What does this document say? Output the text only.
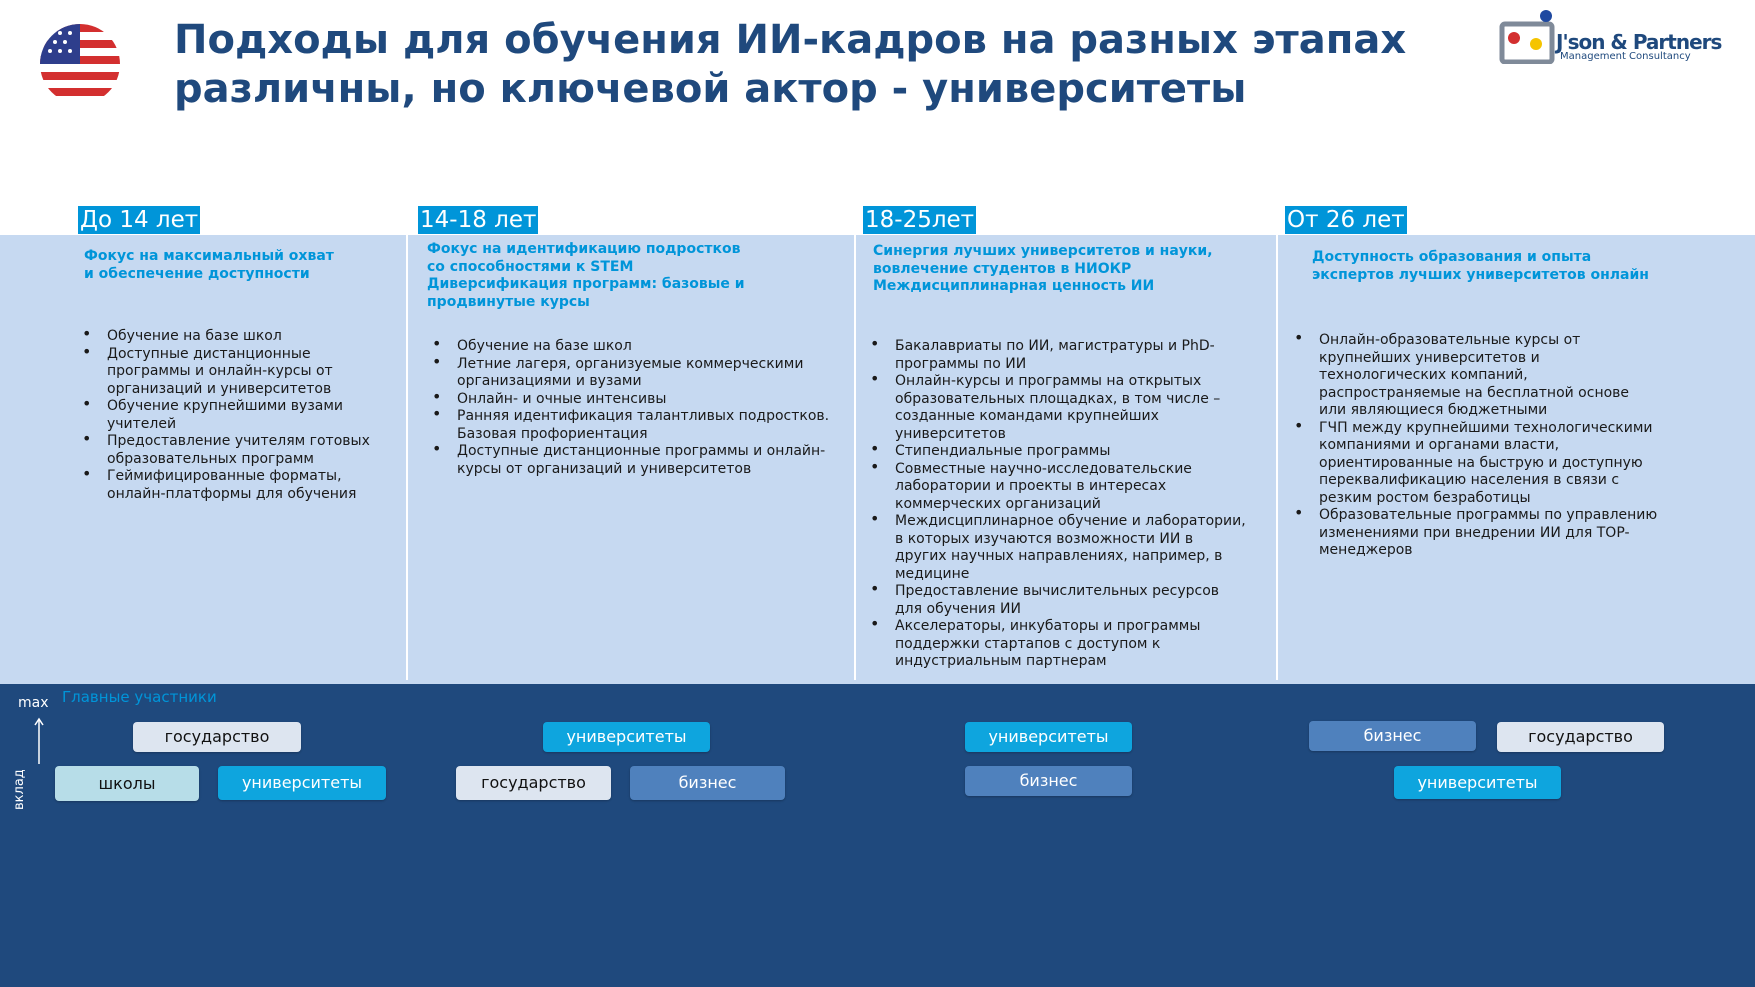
Подходы для обучения ИИ-кадров на разных этапах
различны, но ключевой актор - университеты
J'son & Partners
Management Consultancy
До 14 лет	14-18 лет	18-25лет	От 26 лет
Фокус на максимальный охват
и обеспечение доступности
• Обучение на базе школ
• Доступные дистанционные программы и онлайн-курсы от организаций и университетов
• Обучение крупнейшими вузами учителей
• Предоставление учителям готовых образовательных программ
• Геймифицированные форматы, онлайн-платформы для обучения
Фокус на идентификацию подростков
со способностями к STEM
Диверсификация программ: базовые и
продвинутые курсы
• Обучение на базе школ
• Летние лагеря, организуемые коммерческими организациями и вузами
• Онлайн- и очные интенсивы
• Ранняя идентификация талантливых подростков. Базовая профориентация
• Доступные дистанционные программы и онлайн-курсы от организаций и университетов
Синергия лучших университетов и науки,
вовлечение студентов в НИОКР
Междисциплинарная ценность ИИ
• Бакалавриаты по ИИ, магистратуры и PhD-программы по ИИ
• Онлайн-курсы и программы на открытых образовательных площадках, в том числе – созданные командами крупнейших университетов
• Стипендиальные программы
• Совместные научно-исследовательские лаборатории и проекты в интересах коммерческих организаций
• Междисциплинарное обучение и лаборатории, в которых изучаются возможности ИИ в других научных направлениях, например, в медицине
• Предоставление вычислительных ресурсов для обучения ИИ
• Акселераторы, инкубаторы и программы поддержки стартапов с доступом к индустриальным партнерам
Доступность образования и опыта
экспертов лучших университетов онлайн
• Онлайн-образовательные курсы от крупнейших университетов и технологических компаний, распространяемые на бесплатной основе или являющиеся бюджетными
• ГЧП между крупнейшими технологическими компаниями и органами власти, ориентированные на быструю и доступную переквалификацию населения в связи с резким ростом безработицы
• Образовательные программы по управлению изменениями при внедрении ИИ для TOP-менеджеров
Главные участники
max
вклад
государство
школы	университеты
университеты
государство	бизнес
университеты
бизнес
бизнес	государство
университеты
